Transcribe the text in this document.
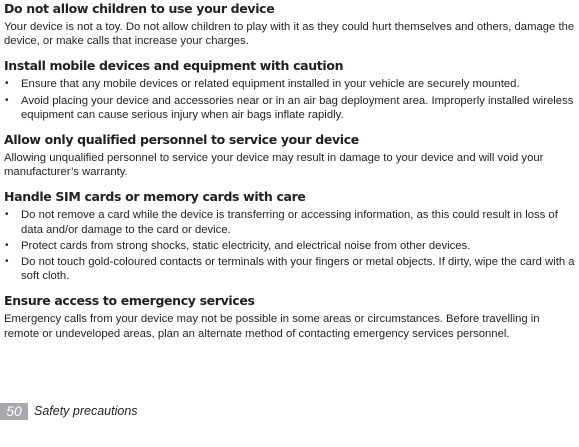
Do not allow children to use your device

Your device is not a toy. Do not allow children to play with it as they could hurt themselves and others, damage the device, or make calls that increase your charges.

Install mobile devices and equipment with caution
• Ensure that any mobile devices or related equipment installed in your vehicle are securely mounted.
• Avoid placing your device and accessories near or in an air bag deployment area. Improperly installed wireless equipment can cause serious injury when air bags inflate rapidly.
Allow only qualified personnel to service your device

Allowing unqualified personnel to service your device may result in damage to your device and will void your manufacturer’s warranty.

Handle SIM cards or memory cards with care
• Do not remove a card while the device is transferring or accessing information, as this could result in loss of data and/or damage to the card or device.
• Protect cards from strong shocks, static electricity, and electrical noise from other devices.
• Do not touch gold-coloured contacts or terminals with your fingers or metal objects. If dirty, wipe the card with a soft cloth.
Ensure access to emergency services

Emergency calls from your device may not be possible in some areas or circumstances. Before travelling in remote or undeveloped areas, plan an alternate method of contacting emergency services personnel.

50 Safety precautions
